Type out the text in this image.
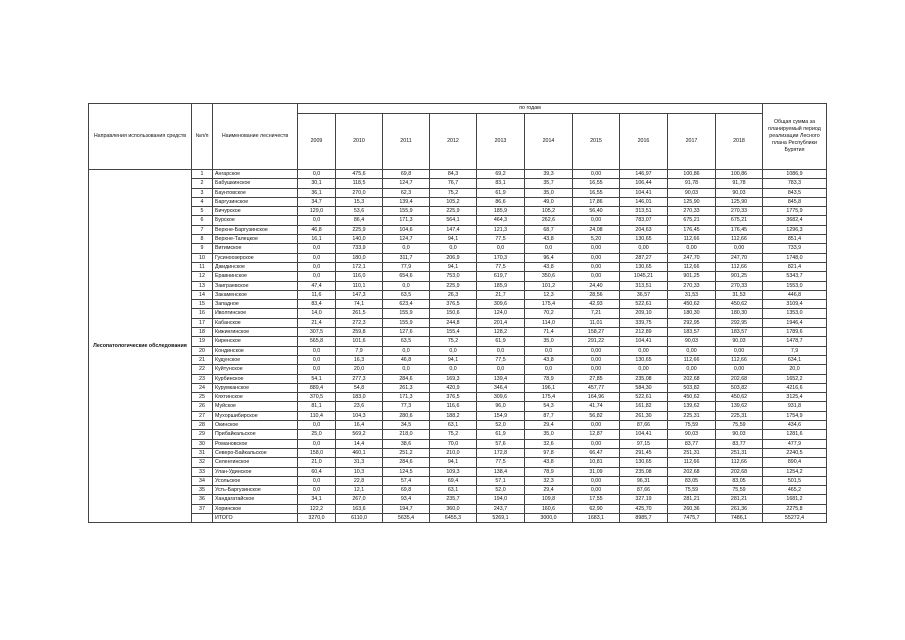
Направления использования средств	№п/п	Наименование лесничеств	по годам										Общая сумма за планируемый период реализации Лесного плана Республики Бурятия
			2009	2010	2011	2012	2013	2014	2015	2016	2017	2018	
Лесопатологические обследования	1	Ангарское	0,0	475,6	69,8	84,3	69,2	39,3	0,00	146,97	100,86	100,86	1086,9
	2	Бабушкинское	30,1	118,5	124,7	76,7	83,1	35,7	16,55	106,44	91,78	91,78	783,3
	3	Баунтовское	36,1	270,0	62,3	75,2	61,9	35,0	16,55	104,41	90,03	90,03	843,5
	4	Баргузинское	34,7	15,3	139,4	105,2	86,6	49,0	17,86	146,01	125,90	125,90	845,8
	5	Бичурское	129,0	53,6	155,9	225,9	185,9	105,2	56,40	313,51	270,33	270,33	1775,9
	6	Бурское	0,0	86,4	171,3	564,1	464,3	262,6	0,00	783,07	675,21	675,21	3682,4
	7	Верхне-Баргузинское	46,8	225,9	104,6	147,4	121,3	68,7	24,08	204,63	176,45	176,45	1296,3
	8	Верхне-Талецкое	16,1	140,0	124,7	94,1	77,5	43,8	5,20	130,65	112,66	112,66	851,4
	9	Витимское	0,0	733,9	0,0	0,0	0,0	0,0	0,00	0,00	0,00	0,00	733,9
	10	Гусиноозерское	0,0	180,0	311,7	206,9	170,3	96,4	0,00	287,27	247,70	247,70	1748,0
	11	Джидинское	0,0	172,1	77,9	94,1	77,5	43,8	0,00	130,65	112,66	112,66	821,4
	12	Еравнинское	0,0	116,0	654,6	753,0	619,7	350,6	0,00	1045,21	901,25	901,25	5343,7
	13	Заиграевское	47,4	110,1	0,0	225,9	185,9	101,2	24,40	313,51	270,33	270,33	1553,0
	14	Закаменское	11,6	147,3	63,5	26,3	21,7	12,3	28,56	36,57	31,53	31,53	446,8
	15	Западное	83,4	74,1	623,4	376,5	309,6	175,4	42,93	522,61	450,62	450,62	3109,4
	16	Иволгинское	14,0	261,5	155,9	150,6	124,0	70,2	7,21	209,10	180,30	180,30	1353,0
	17	Кабанское	21,4	272,3	155,9	244,8	201,4	114,0	11,01	339,75	292,95	292,95	1946,4
	18	Кижингинское	307,5	259,8	127,6	155,4	128,2	71,4	158,27	212,89	183,57	183,57	1789,6
	19	Киренское	565,8	101,6	63,5	75,2	61,9	35,0	291,22	104,41	90,03	90,03	1478,7
	20	Кондинское	0,0	7,9	0,0	0,0	0,0	0,0	0,00	0,00	0,00	0,00	7,9
	21	Кудунское	0,0	16,3	46,8	94,1	77,5	43,8	0,00	130,65	112,66	112,66	634,1
	22	Куйтунское	0,0	20,0	0,0	0,0	0,0	0,0	0,00	0,00	0,00	0,00	20,0
	23	Курбинское	54,1	277,3	284,6	169,3	139,4	78,9	27,85	235,08	202,68	202,68	1652,2
	24	Курумканское	889,4	54,8	261,3	420,9	346,4	196,1	457,77	584,30	503,82	503,82	4216,6
	25	Кяхтинское	370,5	183,0	171,3	376,5	309,6	175,4	164,96	522,61	450,62	450,62	3125,4
	26	Муйское	81,1	23,6	77,3	116,6	96,0	54,3	41,74	161,82	139,62	139,62	931,8
	27	Мухоршибирское	110,4	104,3	280,6	188,2	154,9	87,7	56,82	261,30	225,31	225,31	1754,9
	28	Окинское	0,0	16,4	34,5	63,1	52,0	29,4	0,00	87,66	75,59	75,59	434,6
	29	Прибайкальское	25,0	569,2	218,0	75,2	61,9	35,0	12,87	104,41	90,03	90,03	1281,6
	30	Романовское	0,0	14,4	38,6	70,0	57,6	32,6	0,00	97,15	83,77	83,77	477,9
	31	Северо-Байкальское	158,0	460,1	251,2	210,0	172,8	97,8	66,47	291,45	251,31	251,31	2240,5
	32	Селенгинское	21,0	31,3	284,6	94,1	77,5	43,8	10,81	130,65	112,66	112,66	890,4
	33	Улан-Удинское	60,4	10,3	124,5	109,3	138,4	78,9	31,09	235,08	202,68	202,68	1254,2
	34	Усольское	0,0	22,8	57,4	69,4	57,1	32,3	0,00	96,31	83,05	83,05	501,5
	35	Усть-Баргузинское	0,0	12,1	69,8	63,1	52,0	29,4	0,00	87,66	75,59	75,59	465,2
	36	Хандагатайское	34,1	267,0	93,4	235,7	194,0	109,8	17,55	327,19	281,21	281,21	1681,2
	37	Хоринское	122,2	163,6	194,7	360,0	243,7	160,6	62,90	425,70	260,36	261,36	2275,8
		ИТОГО	3270,0	6110,0	5635,4	6455,3	5269,1	3000,0	1683,1	8985,7	7475,7	7486,1	55272,4
